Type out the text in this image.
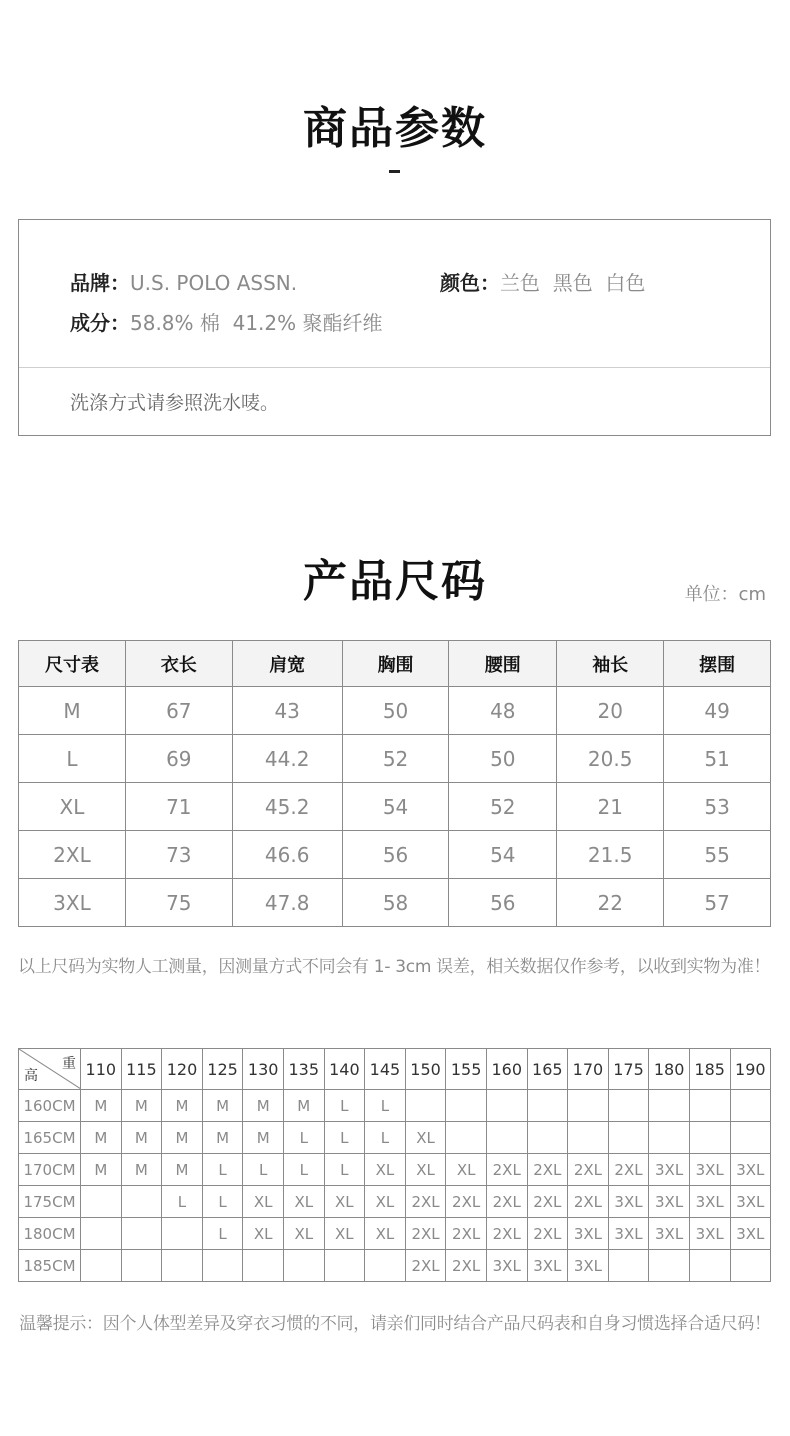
商品参数
品牌：U.S. POLO ASSN.	颜色：兰色  黑色  白色
成分：58.8% 棉  41.2% 聚酯纤维
洗涤方式请参照洗水唛。
产品尺码	单位：cm
尺寸表	衣长	肩宽	胸围	腰围	袖长	摆围
M	67	43	50	48	20	49
L	69	44.2	52	50	20.5	51
XL	71	45.2	54	52	21	53
2XL	73	46.6	56	54	21.5	55
3XL	75	47.8	58	56	22	57
以上尺码为实物人工测量，因测量方式不同会有 1- 3cm 误差，相关数据仅作参考，以收到实物为准！
重
高	110	115	120	125	130	135	140	145	150	155	160	165	170	175	180	185	190
160CM	M	M	M	M	M	M	L	L									
165CM	M	M	M	M	M	L	L	L	XL								
170CM	M	M	M	L	L	L	L	XL	XL	XL	2XL	2XL	2XL	2XL	3XL	3XL	3XL
175CM			L	L	XL	XL	XL	XL	2XL	2XL	2XL	2XL	2XL	3XL	3XL	3XL	3XL
180CM				L	XL	XL	XL	XL	2XL	2XL	2XL	2XL	3XL	3XL	3XL	3XL	3XL
185CM									2XL	2XL	3XL	3XL	3XL				
温馨提示：因个人体型差异及穿衣习惯的不同，请亲们同时结合产品尺码表和自身习惯选择合适尺码！
